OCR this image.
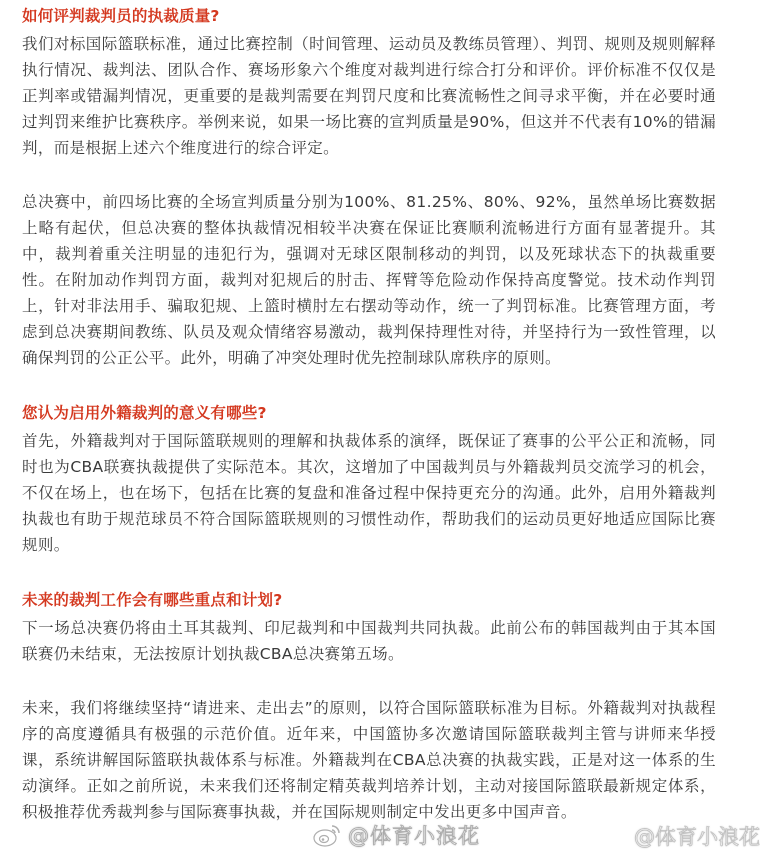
如何评判裁判员的执裁质量?

我们对标国际篮联标准，通过比赛控制（时间管理、运动员及教练员管理）、判罚、规则及规则解释执行情况、裁判法、团队合作、赛场形象六个维度对裁判进行综合打分和评价。评价标准不仅仅是正判率或错漏判情况，更重要的是裁判需要在判罚尺度和比赛流畅性之间寻求平衡，并在必要时通过判罚来维护比赛秩序。举例来说，如果一场比赛的宣判质量是90%，但这并不代表有10%的错漏判，而是根据上述六个维度进行的综合评定。

总决赛中，前四场比赛的全场宣判质量分别为100%、81.25%、80%、92%，虽然单场比赛数据上略有起伏，但总决赛的整体执裁情况相较半决赛在保证比赛顺利流畅进行方面有显著提升。其中，裁判着重关注明显的违犯行为，强调对无球区限制移动的判罚，以及死球状态下的执裁重要性。在附加动作判罚方面，裁判对犯规后的肘击、挥臂等危险动作保持高度警觉。技术动作判罚上，针对非法用手、骗取犯规、上篮时横肘左右摆动等动作，统一了判罚标准。比赛管理方面，考虑到总决赛期间教练、队员及观众情绪容易激动，裁判保持理性对待，并坚持行为一致性管理，以确保判罚的公正公平。此外，明确了冲突处理时优先控制球队席秩序的原则。

您认为启用外籍裁判的意义有哪些?

首先，外籍裁判对于国际篮联规则的理解和执裁体系的演绎，既保证了赛事的公平公正和流畅，同时也为CBA联赛执裁提供了实际范本。其次，这增加了中国裁判员与外籍裁判员交流学习的机会，不仅在场上，也在场下，包括在比赛的复盘和准备过程中保持更充分的沟通。此外，启用外籍裁判执裁也有助于规范球员不符合国际篮联规则的习惯性动作，帮助我们的运动员更好地适应国际比赛规则。

未来的裁判工作会有哪些重点和计划?

下一场总决赛仍将由土耳其裁判、印尼裁判和中国裁判共同执裁。此前公布的韩国裁判由于其本国联赛仍未结束，无法按原计划执裁CBA总决赛第五场。

未来，我们将继续坚持“请进来、走出去”的原则，以符合国际篮联标准为目标。外籍裁判对执裁程序的高度遵循具有极强的示范价值。近年来，中国篮协多次邀请国际篮联裁判主管与讲师来华授课，系统讲解国际篮联执裁体系与标准。外籍裁判在CBA总决赛的执裁实践，正是对这一体系的生动演绎。正如之前所说，未来我们还将制定精英裁判培养计划，主动对接国际篮联最新规定体系，积极推荐优秀裁判参与国际赛事执裁，并在国际规则制定中发出更多中国声音。

@体育小浪花	@体育小浪花
